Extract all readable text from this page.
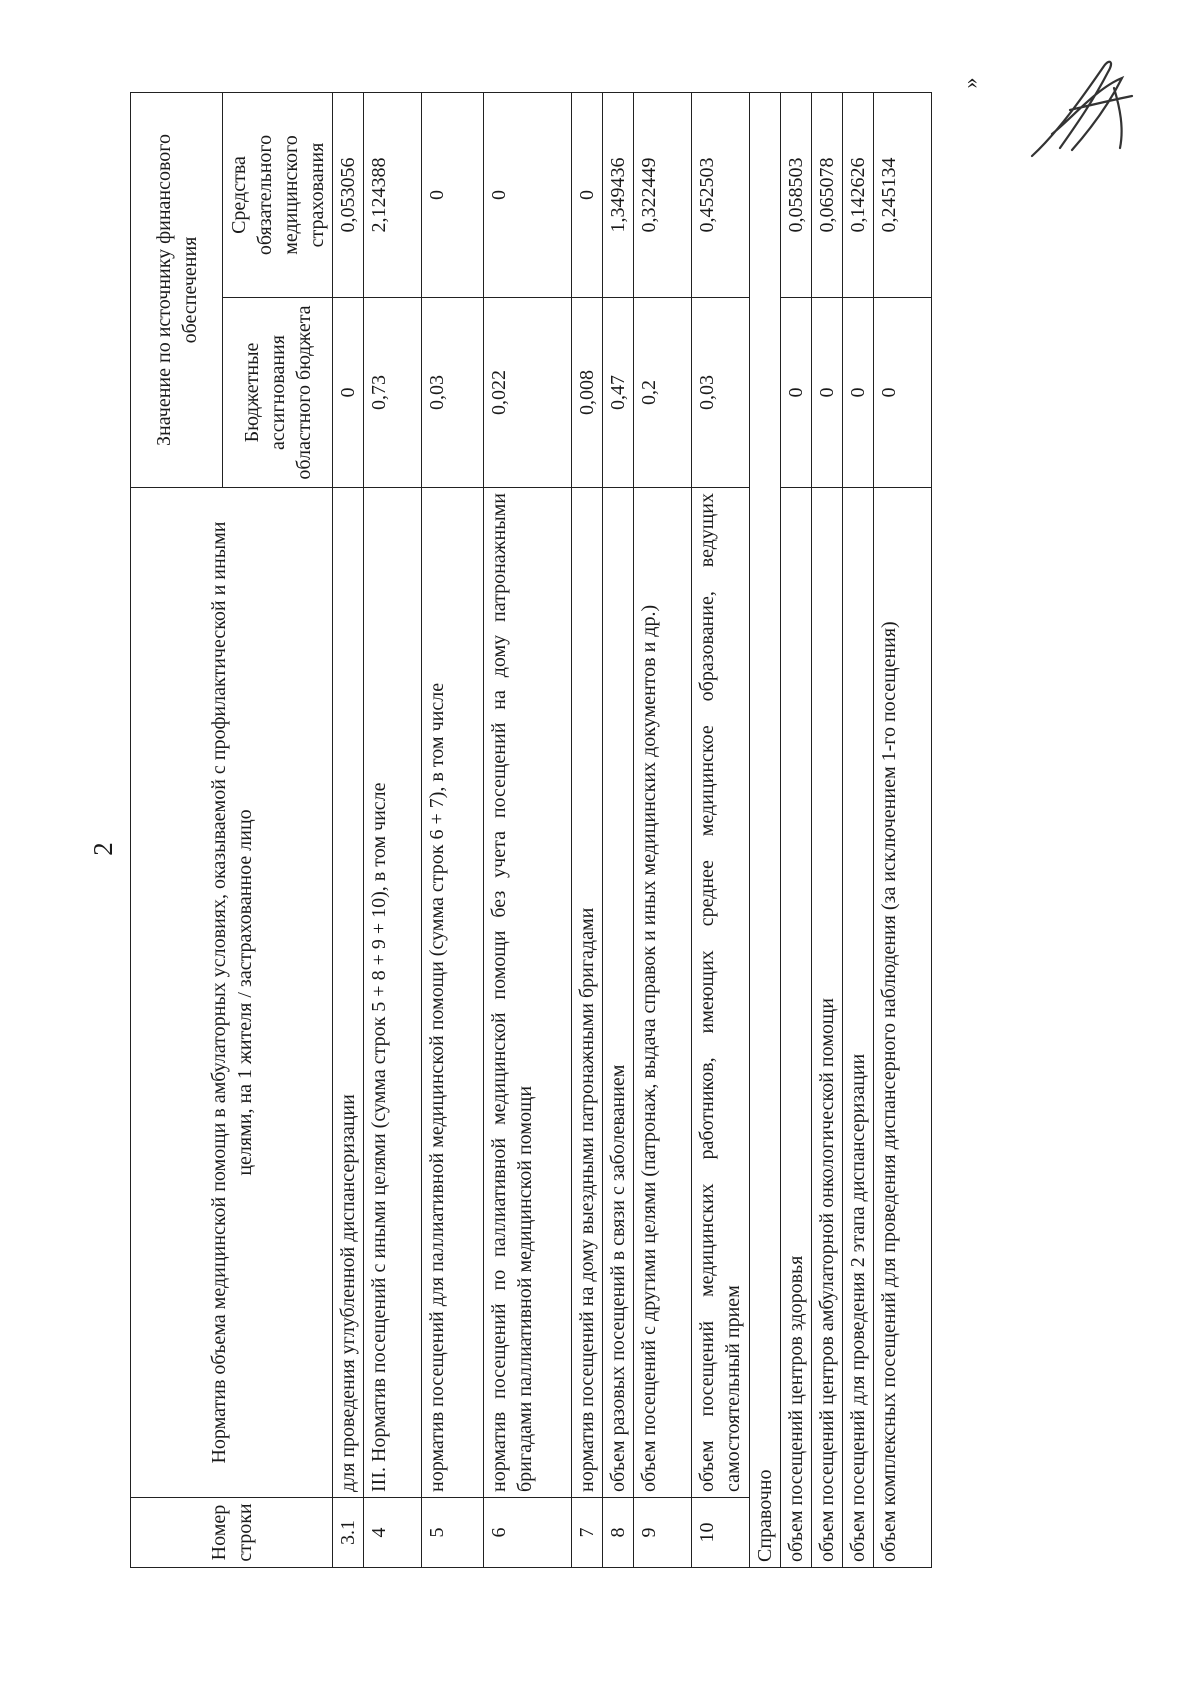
2
»
Номер строки	Норматив объема медицинской помощи в амбулаторных условиях, оказываемой с профилактической и иными целями, на 1 жителя / застрахованное лицо	Значение по источнику финансового обеспечения	
		Бюджетные ассигнования областного бюджета	Средства обязательного медицинского страхования
3.1	для проведения углубленной диспансеризации	0	0,053056
4	III. Норматив посещений с иными целями (сумма строк 5 + 8 + 9 + 10), в том числе	0,73	2,124388
5	норматив посещений для паллиативной медицинской помощи (сумма строк 6 + 7), в том числе	0,03	0
6	норматив посещений по паллиативной медицинской помощи без учета посещений на дому патронажными бригадами паллиативной медицинской помощи	0,022	0
7	норматив посещений на дому выездными патронажными бригадами	0,008	0
8	объем разовых посещений в связи с заболеванием	0,47	1,349436
9	объем посещений с другими целями (патронаж, выдача справок и иных медицинских документов и др.)	0,2	0,322449
10	объем посещений медицинских работников, имеющих среднее медицинское образование, ведущих самостоятельный прием	0,03	0,452503
Справочно			
объем посещений центров здоровья		0	0,058503
объем посещений центров амбулаторной онкологической помощи		0	0,065078
объем посещений для проведения 2 этапа диспансеризации		0	0,142626
объем комплексных посещений для проведения диспансерного наблюдения (за исключением 1-го посещения)		0	0,245134
